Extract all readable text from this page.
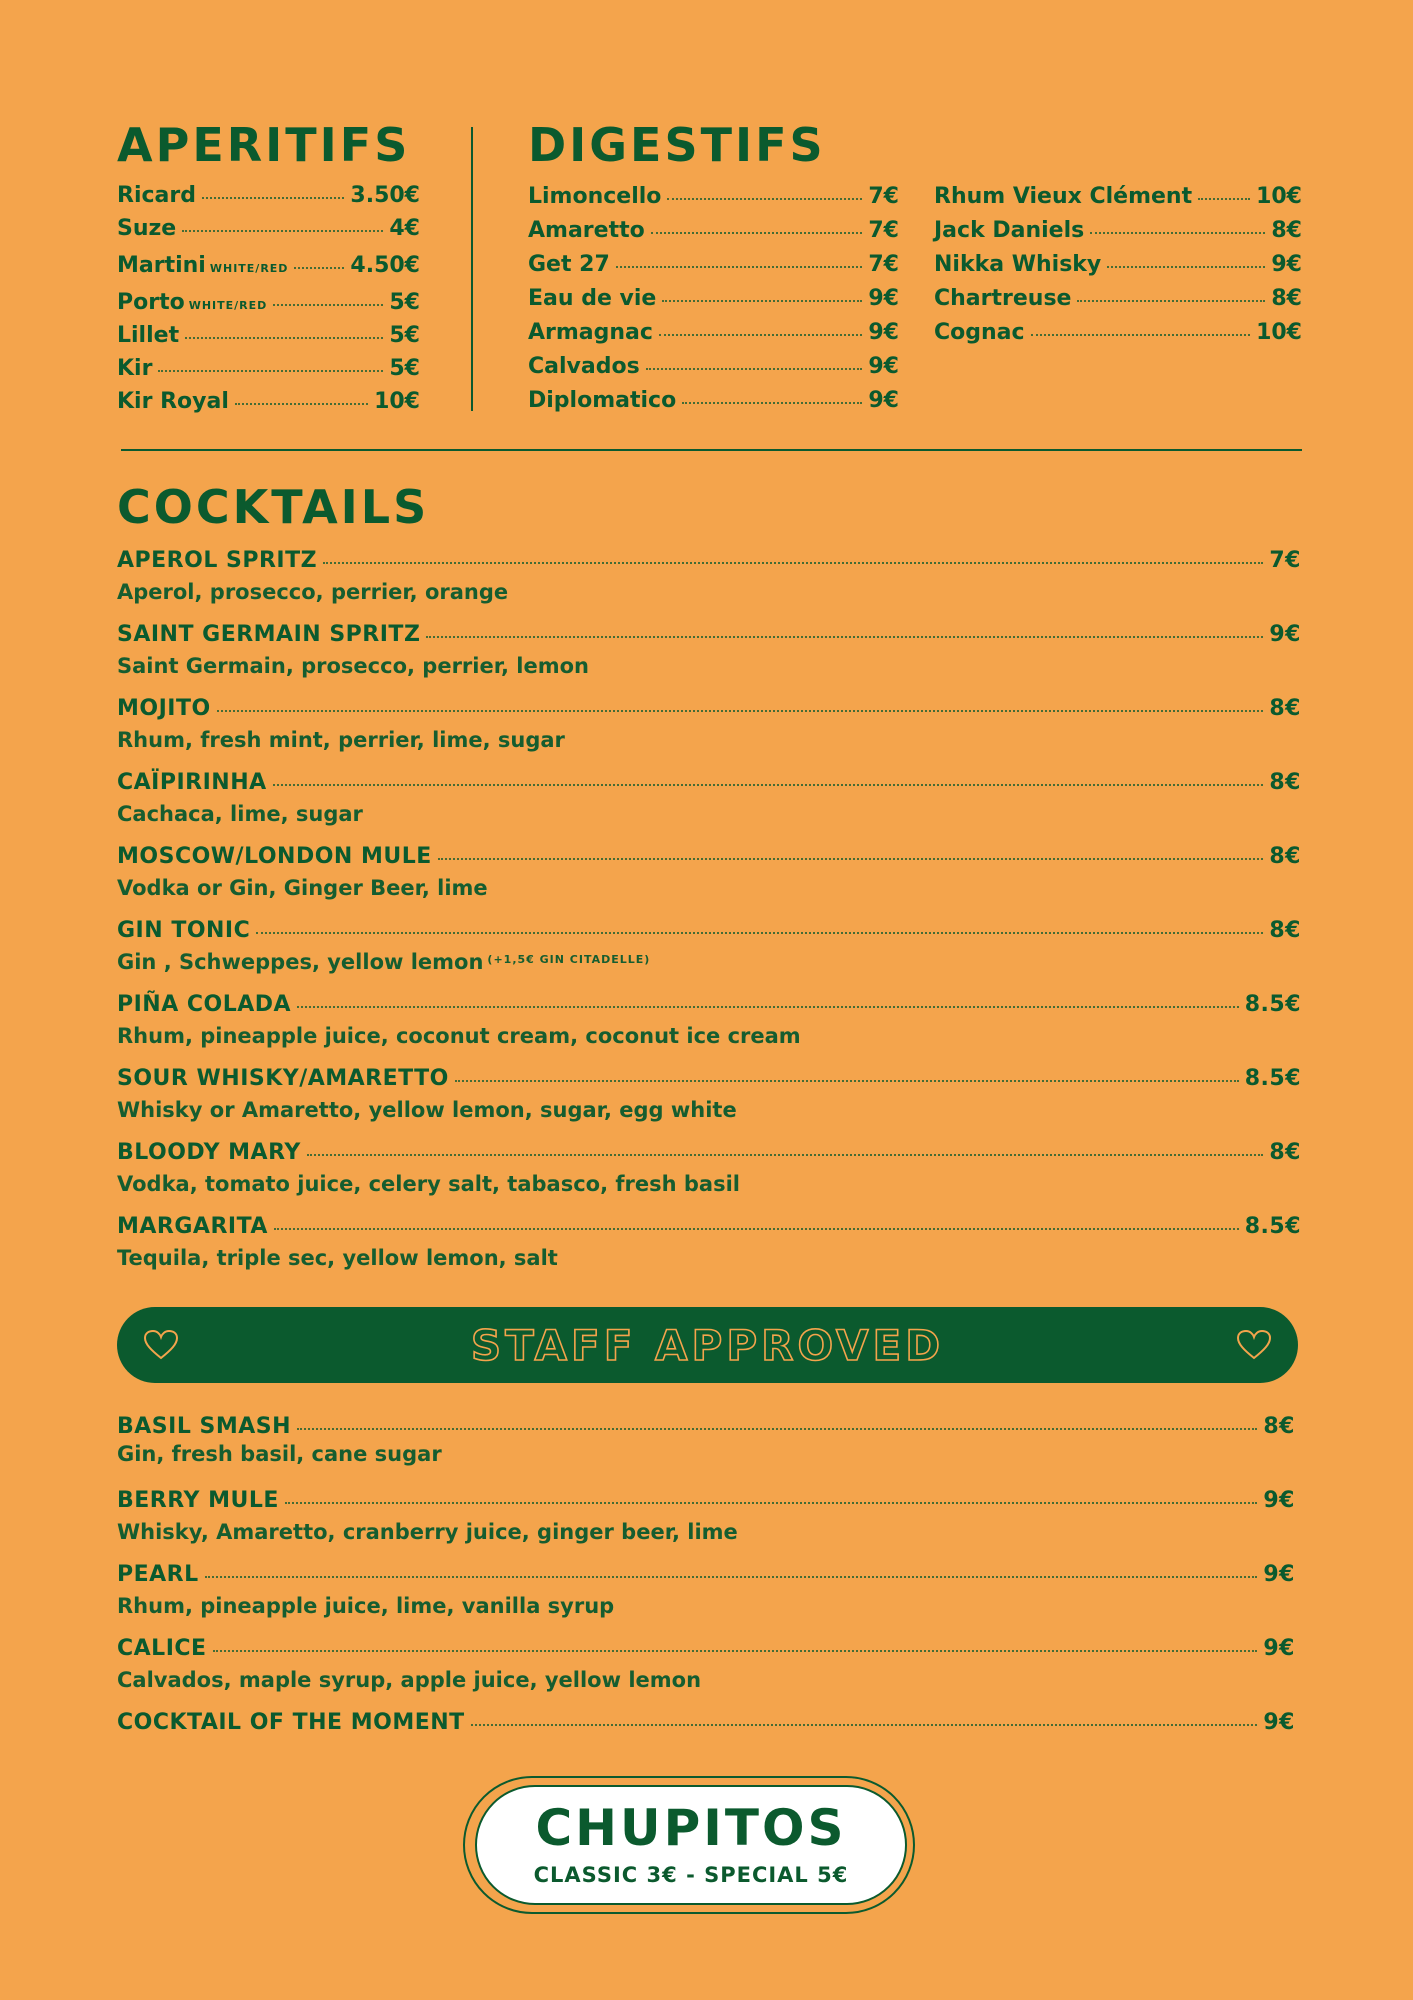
APERITIFS
Ricard	3.50€
Suze	4€
Martini WHITE/RED	4.50€
Porto WHITE/RED	5€
Lillet	5€
Kir	5€
Kir Royal	10€
DIGESTIFS
Limoncello	7€
Amaretto	7€
Get 27	7€
Eau de vie	9€
Armagnac	9€
Calvados	9€
Diplomatico	9€
Rhum Vieux Clément	10€
Jack Daniels	8€
Nikka Whisky	9€
Chartreuse	8€
Cognac	10€
COCKTAILS
APEROL SPRITZ	7€
Aperol, prosecco, perrier, orange
SAINT GERMAIN SPRITZ	9€
Saint Germain, prosecco, perrier, lemon
MOJITO	8€
Rhum, fresh mint, perrier, lime, sugar
CAÏPIRINHA	8€
Cachaca, lime, sugar
MOSCOW/LONDON MULE	8€
Vodka or Gin, Ginger Beer, lime
GIN TONIC	8€
Gin , Schweppes, yellow lemon $^{(+1,5€ GIN CITADELLE)}$
PIÑA COLADA	8.5€
Rhum, pineapple juice, coconut cream, coconut ice cream
SOUR WHISKY/AMARETTO	8.5€
Whisky or Amaretto, yellow lemon, sugar, egg white
BLOODY MARY	8€
Vodka, tomato juice, celery salt, tabasco, fresh basil
MARGARITA	8.5€
Tequila, triple sec, yellow lemon, salt
STAFF APPROVED
BASIL SMASH	8€
Gin, fresh basil, cane sugar
BERRY MULE	9€
Whisky, Amaretto, cranberry juice, ginger beer, lime
PEARL	9€
Rhum, pineapple juice, lime, vanilla syrup
CALICE	9€
Calvados, maple syrup, apple juice, yellow lemon
COCKTAIL OF THE MOMENT	9€
CHUPITOS
CLASSIC 3€ - SPECIAL 5€
